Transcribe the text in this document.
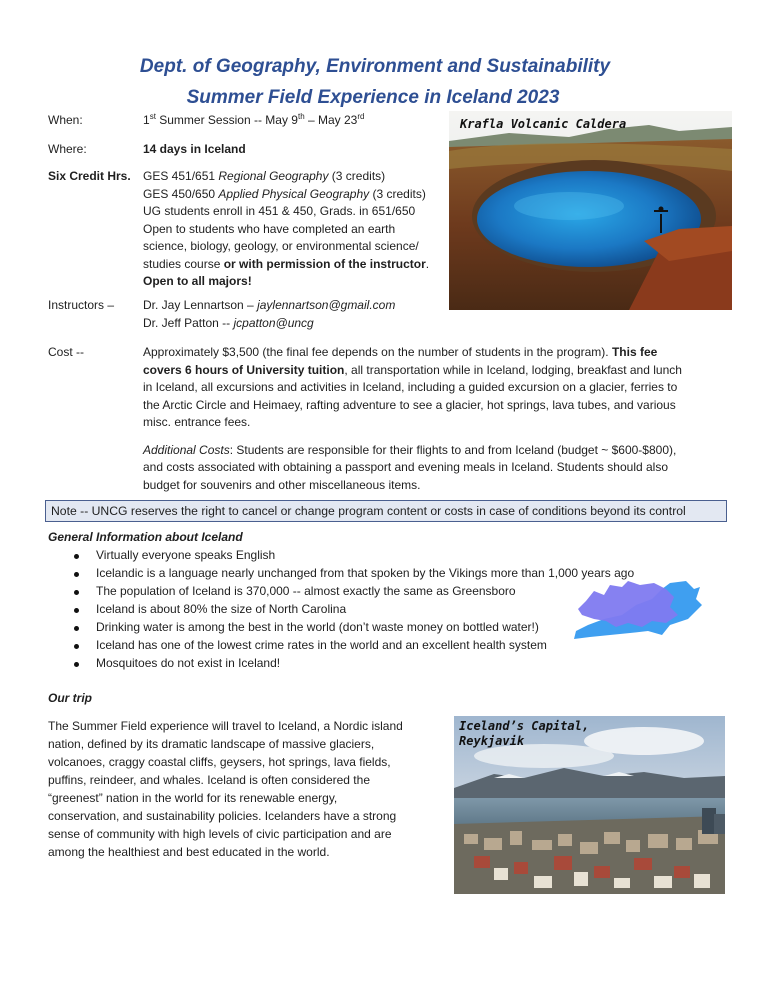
Dept. of Geography, Environment and Sustainability
Summer Field Experience in Iceland 2023
When:	1st Summer Session -- May 9th – May 23rd
Where:	14 days in Iceland
Six Credit Hrs. GES 451/651 Regional Geography (3 credits)
GES 450/650 Applied Physical Geography (3 credits)
UG students enroll in 451 & 450, Grads. in 651/650
Open to students who have completed an earth
science, biology, geology, or environmental science/
studies course or with permission of the instructor.
Open to all majors!
Krafla Volcanic Caldera
Instructors – Dr. Jay Lennartson – jaylennartson@gmail.com
Dr. Jeff Patton -- jcpatton@uncg
Cost --	Approximately $3,500 (the final fee depends on the number of students in the program). This fee
covers 6 hours of University tuition, all transportation while in Iceland, lodging, breakfast and lunch
in Iceland, all excursions and activities in Iceland, including a guided excursion on a glacier, ferries to
the Arctic Circle and Heimaey, rafting adventure to see a glacier, hot springs, lava tubes, and various
misc. entrance fees.
Additional Costs: Students are responsible for their flights to and from Iceland (budget ~ $600-$800),
and costs associated with obtaining a passport and evening meals in Iceland. Students should also
budget for souvenirs and other miscellaneous items.
Note -- UNCG reserves the right to cancel or change program content or costs in case of conditions beyond its control
General Information about Iceland
Virtually everyone speaks English
Icelandic is a language nearly unchanged from that spoken by the Vikings more than 1,000 years ago
The population of Iceland is 370,000 -- almost exactly the same as Greensboro
Iceland is about 80% the size of North Carolina
Drinking water is among the best in the world (don’t waste money on bottled water!)
Iceland has one of the lowest crime rates in the world and an excellent health system
Mosquitoes do not exist in Iceland!
Our trip
The Summer Field experience will travel to Iceland, a Nordic island
nation, defined by its dramatic landscape of massive glaciers,
volcanoes, craggy coastal cliffs, geysers, hot springs, lava fields,
puffins, reindeer, and whales. Iceland is often considered the
“greenest” nation in the world for its renewable energy,
conservation, and sustainability policies. Icelanders have a strong
sense of community with high levels of civic participation and are
among the healthiest and best educated in the world.
Iceland’s Capital,
Reykjavik
